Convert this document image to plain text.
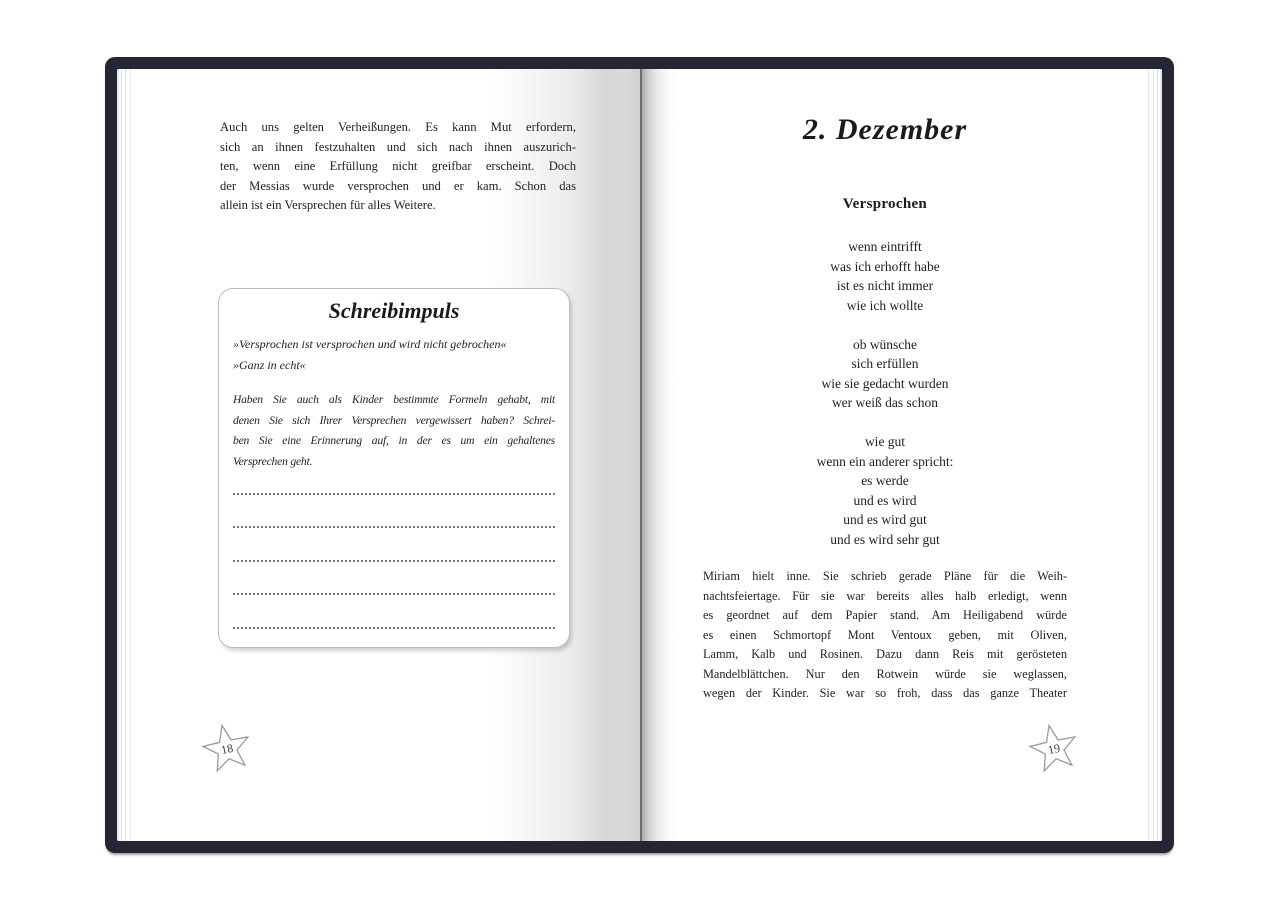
Auch uns gelten Verheißungen. Es kann Mut erfordern,
sich an ihnen festzuhalten und sich nach ihnen auszurich-
ten, wenn eine Erfüllung nicht greifbar erscheint. Doch
der Messias wurde versprochen und er kam. Schon das
allein ist ein Versprechen für alles Weitere.
Schreibimpuls
»Versprochen ist versprochen und wird nicht gebrochen«
»Ganz in echt«
Haben Sie auch als Kinder bestimmte Formeln gehabt, mit
denen Sie sich Ihrer Versprechen vergewissert haben? Schrei-
ben Sie eine Erinnerung auf, in der es um ein gehaltenes
Versprechen geht.
18
2. Dezember
Versprochen
wenn eintrifft
was ich erhofft habe
ist es nicht immer
wie ich wollte
ob wünsche
sich erfüllen
wie sie gedacht wurden
wer weiß das schon
wie gut
wenn ein anderer spricht:
es werde
und es wird
und es wird gut
und es wird sehr gut
Miriam hielt inne. Sie schrieb gerade Pläne für die Weih-
nachtsfeiertage. Für sie war bereits alles halb erledigt, wenn
es geordnet auf dem Papier stand. Am Heiligabend würde
es einen Schmortopf Mont Ventoux geben, mit Oliven,
Lamm, Kalb und Rosinen. Dazu dann Reis mit gerösteten
Mandelblättchen. Nur den Rotwein würde sie weglassen,
wegen der Kinder. Sie war so froh, dass das ganze Theater
19
